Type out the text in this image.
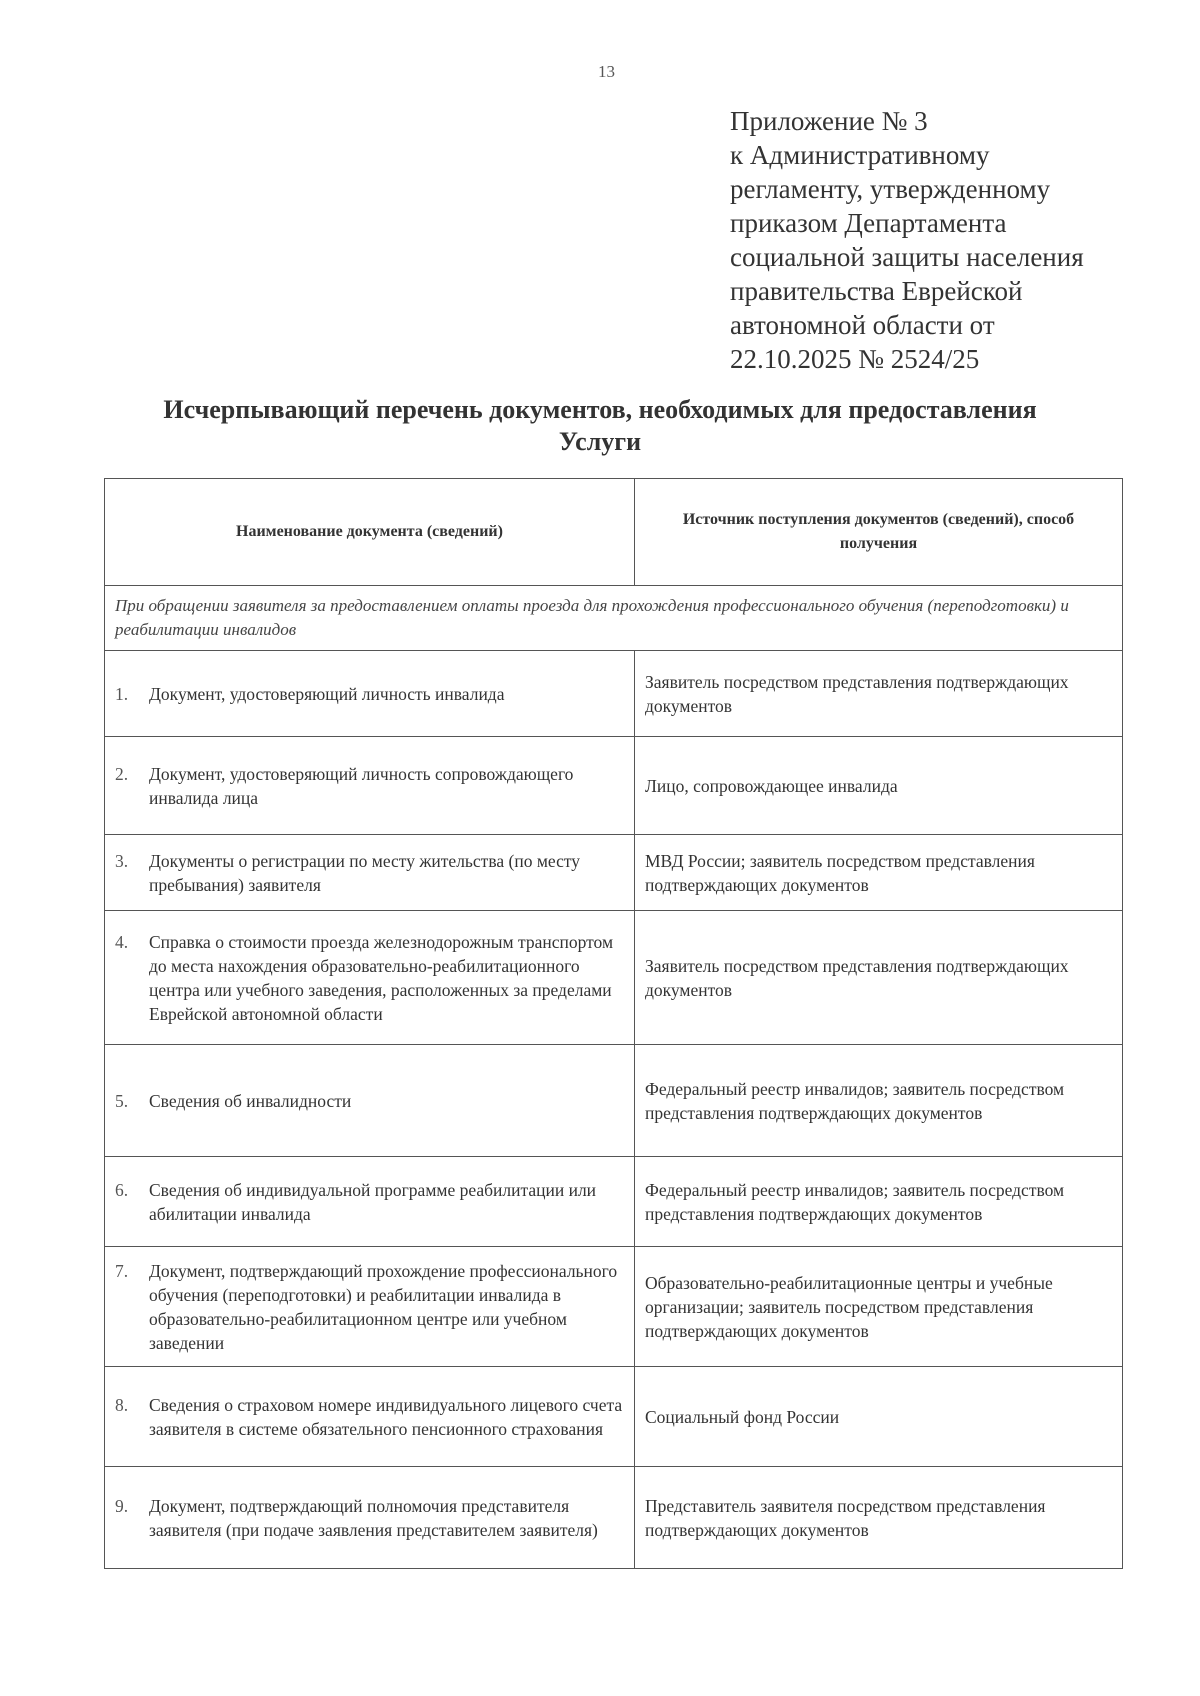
13
Приложение № 3
к Административному
регламенту, утвержденному
приказом Департамента
социальной защиты населения
правительства Еврейской
автономной области от
22.10.2025 № 2524/25
Исчерпывающий перечень документов, необходимых для предоставления
Услуги
Наименование документа (сведений)	Источник поступления документов (сведений), способ получения
При обращении заявителя за предоставлением оплаты проезда для прохождения профессионального обучения (переподготовки) и реабилитации инвалидов	

1. Документ, удостоверяющий личность инвалида	Заявитель посредством представления подтверждающих документов

2. Документ, удостоверяющий личность сопровождающего инвалида лица	Лицо, сопровождающее инвалида

3. Документы о регистрации по месту жительства (по месту пребывания) заявителя	МВД России; заявитель посредством представления подтверждающих документов

4. Справка о стоимости проезда железнодорожным транспортом до места нахождения образовательно-реабилитационного центра или учебного заведения, расположенных за пределами Еврейской автономной области	Заявитель посредством представления подтверждающих документов

5. Сведения об инвалидности	Федеральный реестр инвалидов; заявитель посредством представления подтверждающих документов

6. Сведения об индивидуальной программе реабилитации или абилитации инвалида	Федеральный реестр инвалидов; заявитель посредством представления подтверждающих документов

7. Документ, подтверждающий прохождение профессионального обучения (переподготовки) и реабилитации инвалида в образовательно-реабилитационном центре или учебном заведении	Образовательно-реабилитационные центры и учебные организации; заявитель посредством представления подтверждающих документов

8. Сведения о страховом номере индивидуального лицевого счета заявителя в системе обязательного пенсионного страхования	Социальный фонд России

9. Документ, подтверждающий полномочия представителя заявителя (при подаче заявления представителем заявителя)	Представитель заявителя посредством представления подтверждающих документов
